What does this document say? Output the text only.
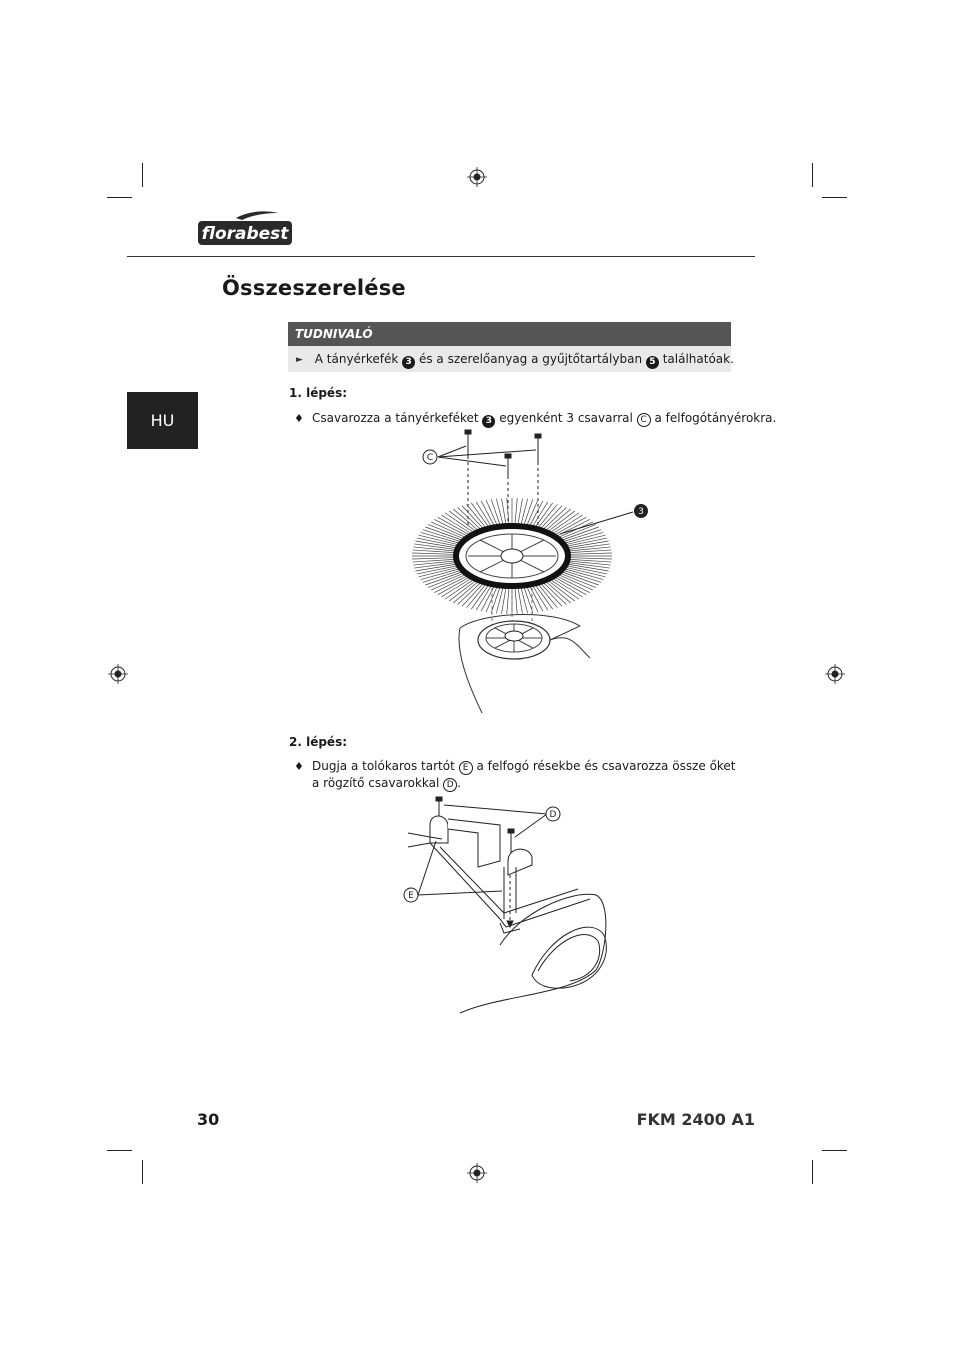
florabest
Összeszerelése
HU
TUDNIVALÓ
► A tányérkefék 3 és a szerelőanyag a gyűjtőtartályban 5 találhatóak.
1. lépés:
♦ Csavarozza a tányérkeféket 3 egyenként 3 csavarral C a felfogótányérokra.
C
3
2. lépés:
♦ Dugja a tolókaros tartót E a felfogó résekbe és csavarozza össze őket
a rögzítő csavarokkal D .
D
E
30	FKM 2400 A1
